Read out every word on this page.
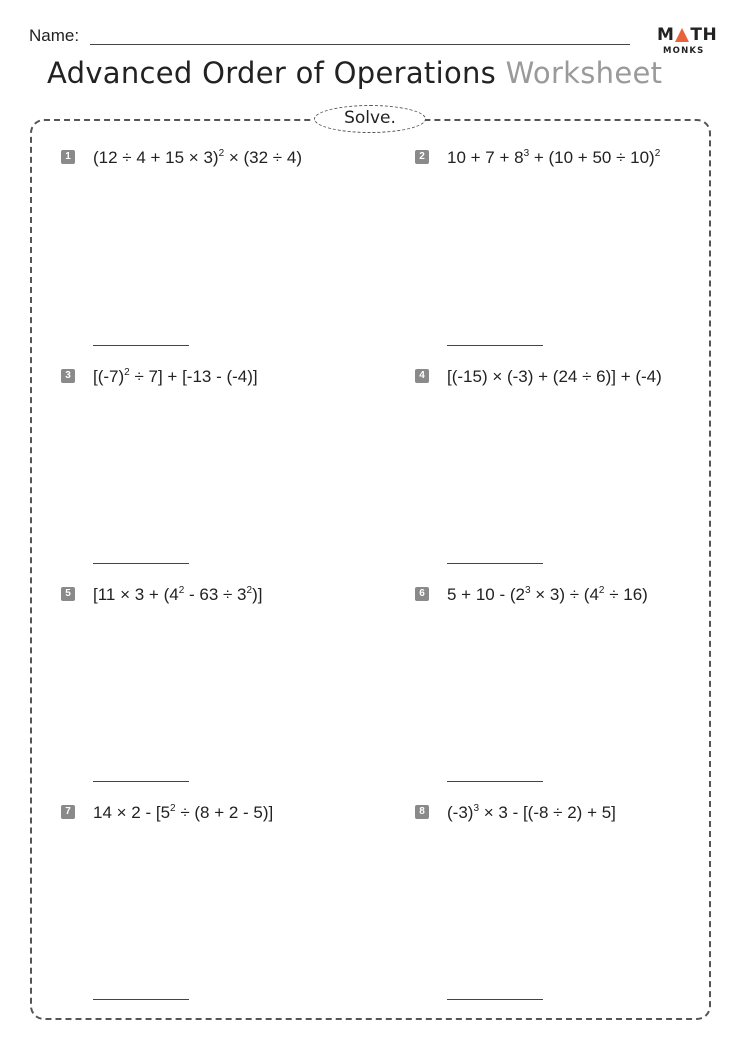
Name:	M TH
MONKS
Advanced Order of Operations Worksheet
Solve.
1 $(12 \div 4 + 15 \times 3)^2 \times (32 \div 4)$	2 $10 + 7 + 8^3 + (10 + 50 \div 10)^2$
3 $[(-7)^2 \div 7] + [-13 - (-4)]$	4 [(-15) × (-3) + (24 ÷ 6)] + (-4)
5 $[11 \times 3 + (4^2 - 63 \div 3^2)]$	6 $5 + 10 - (2^3 \times 3) \div (4^2 \div 16)$
7 $14 \times 2 - [5^2 \div (8 + 2 - 5)]$	8 $(-3)^3 \times 3 - [(-8 \div 2) + 5]$
